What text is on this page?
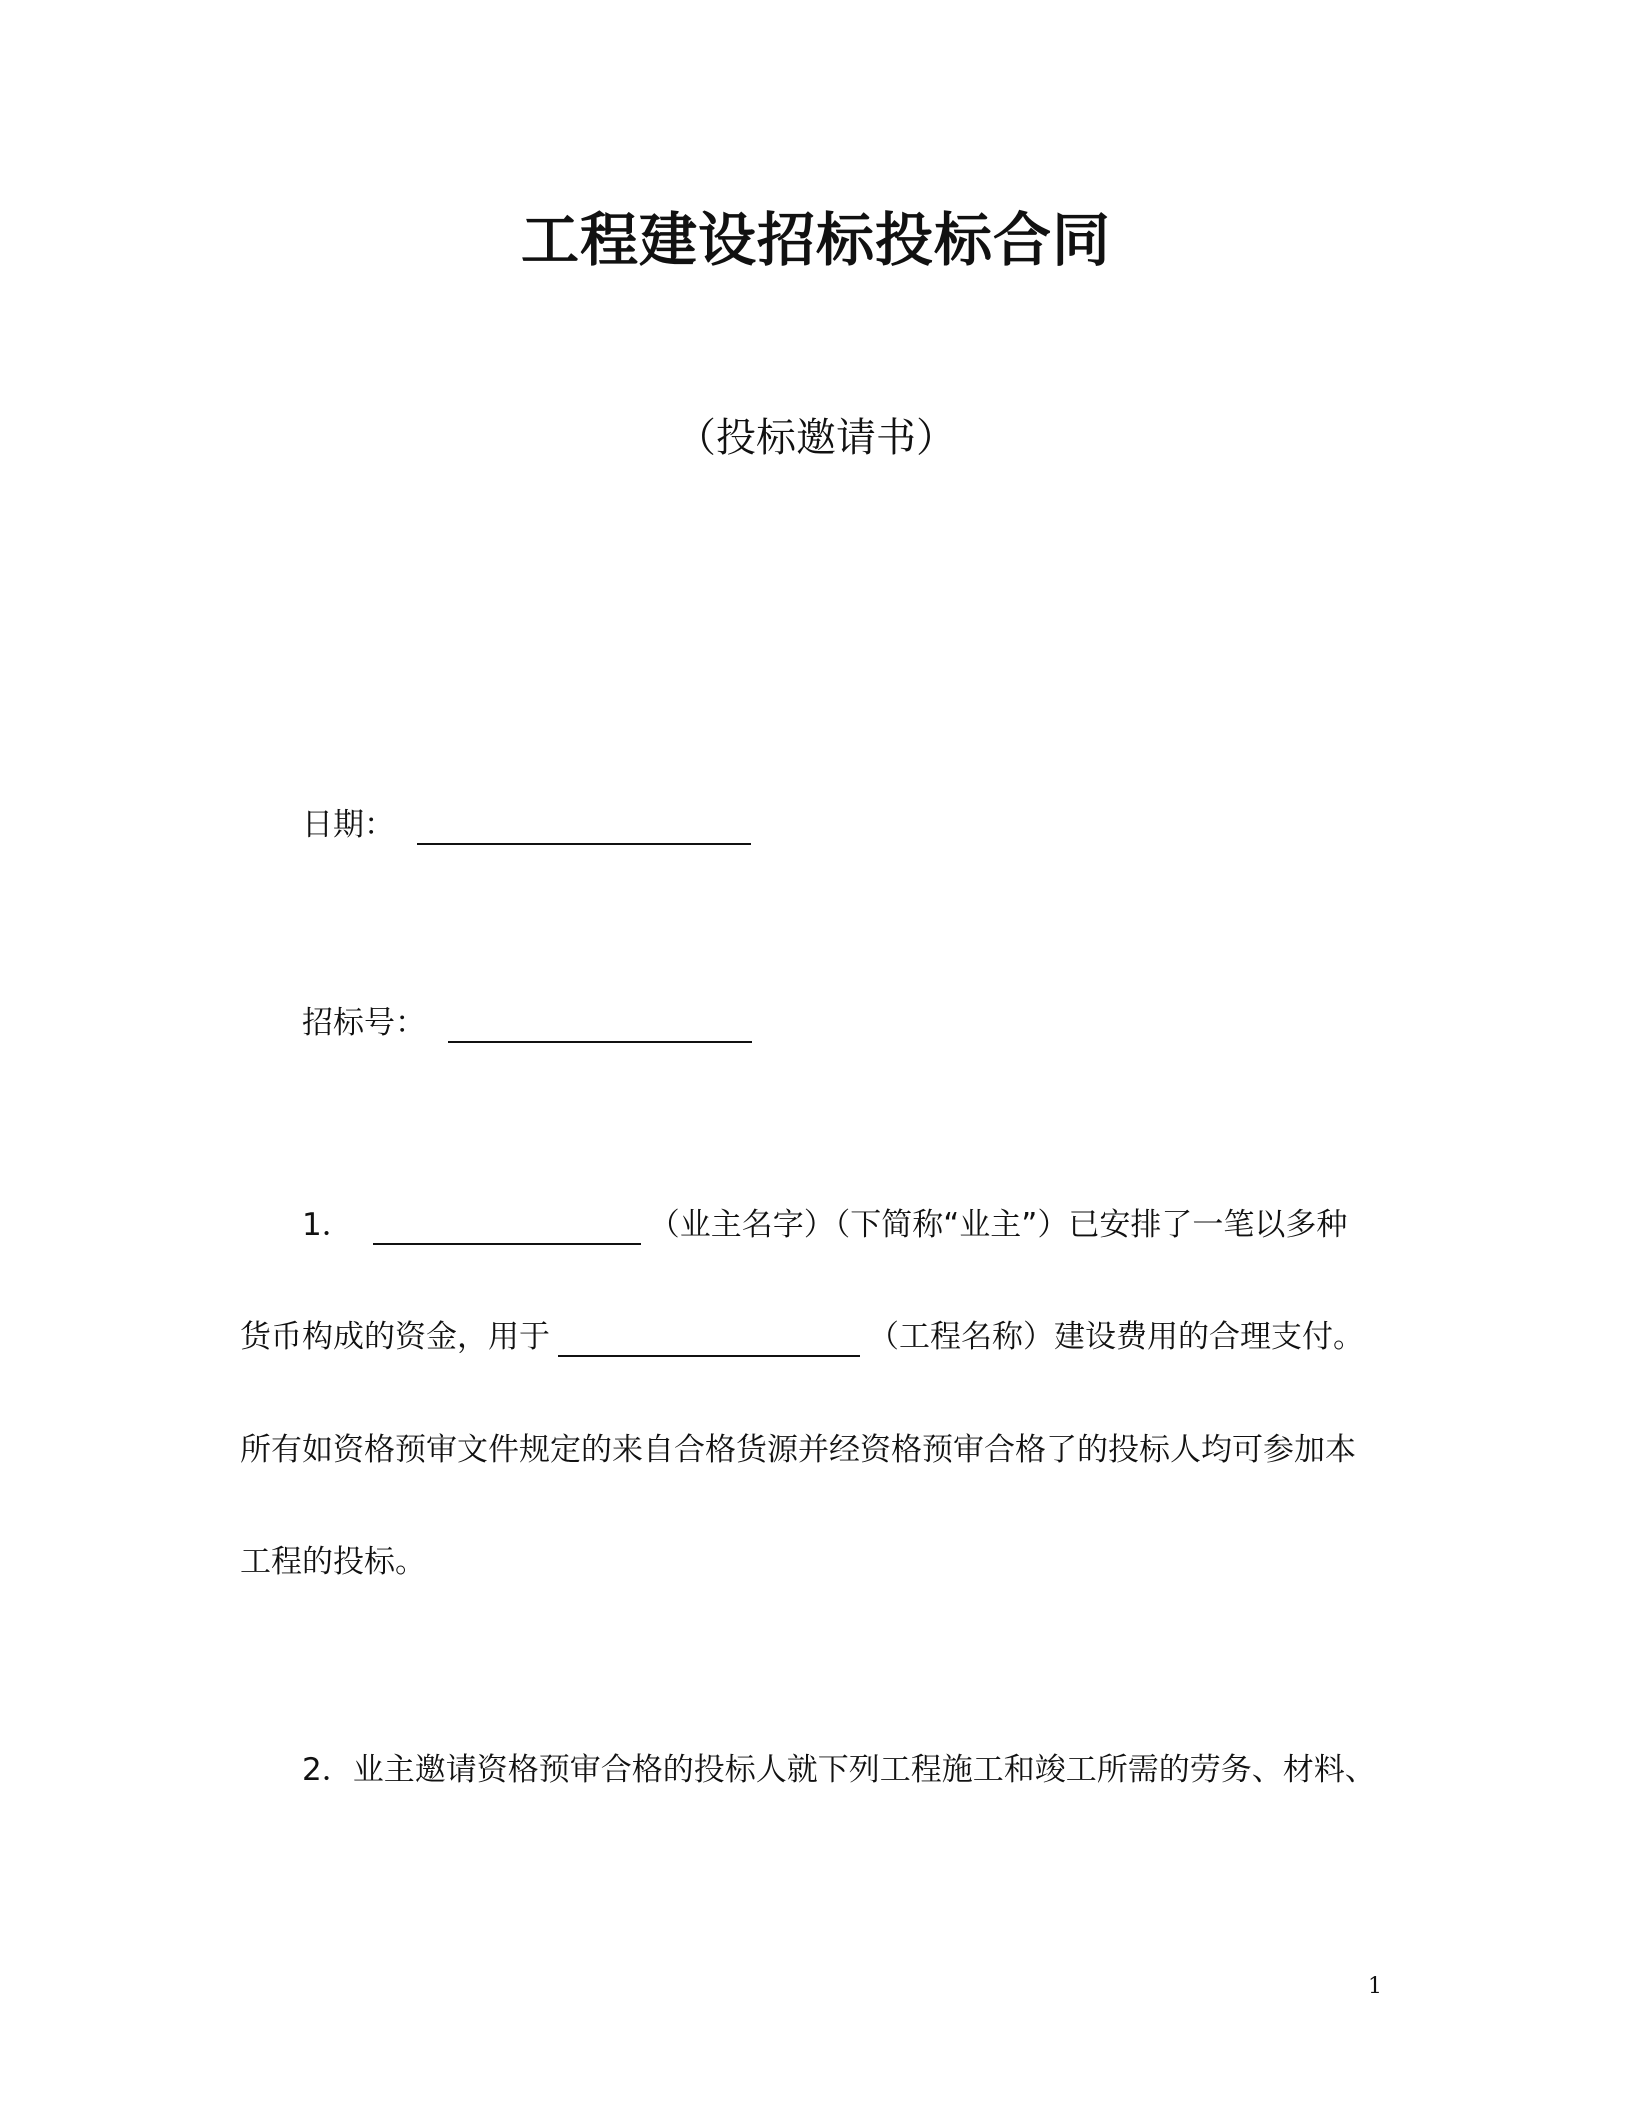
工程建设招标投标合同
（投标邀请书）
日期：
招标号：
1．	（业主名字）（下简称“业主”）已安排了一笔以多种
货币构成的资金，用于	（工程名称）建设费用的合理支付。
所有如资格预审文件规定的来自合格货源并经资格预审合格了的投标人均可参加本
工程的投标。
2．业主邀请资格预审合格的投标人就下列工程施工和竣工所需的劳务、材料、
1
